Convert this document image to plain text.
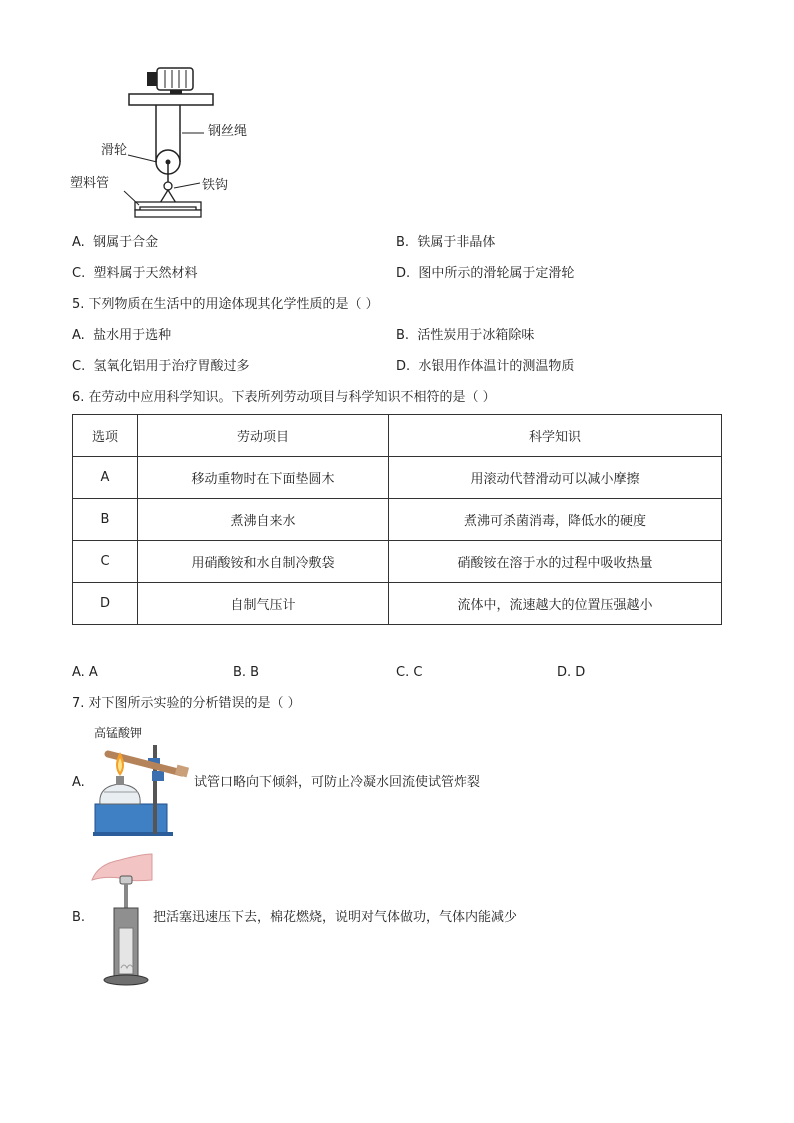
钢丝绳
滑轮
塑料管	铁钩
A. 钢属于合金	B. 铁属于非晶体
C. 塑料属于天然材料	D. 图中所示的滑轮属于定滑轮
5. 下列物质在生活中的用途体现其化学性质的是（ ）
A. 盐水用于选种	B. 活性炭用于冰箱除味
C. 氢氧化铝用于治疗胃酸过多	D. 水银用作体温计的测温物质
6. 在劳动中应用科学知识。下表所列劳动项目与科学知识不相符的是（ ）
选项	劳动项目	科学知识
A	移动重物时在下面垫圆木	用滚动代替滑动可以减小摩擦
B	煮沸自来水	煮沸可杀菌消毒，降低水的硬度
C	用硝酸铵和水自制冷敷袋	硝酸铵在溶于水的过程中吸收热量
D	自制气压计	流体中，流速越大的位置压强越小
A. A	B. B	C. C	D. D
7. 对下图所示实验的分析错误的是（ ）
高锰酸钾
A.	试管口略向下倾斜，可防止冷凝水回流使试管炸裂
B.	把活塞迅速压下去，棉花燃烧，说明对气体做功，气体内能减少
